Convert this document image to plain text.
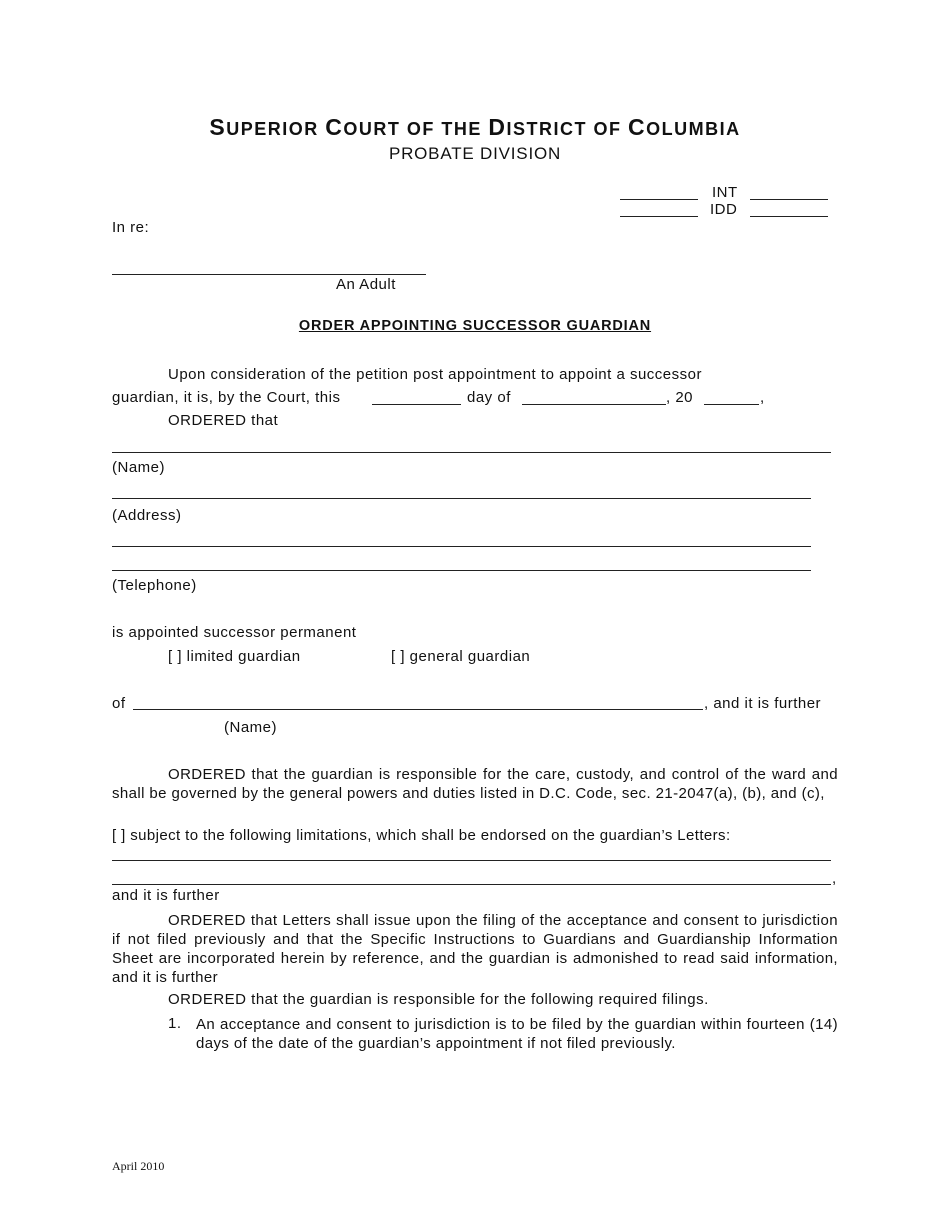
SUPERIOR COURT OF THE DISTRICT OF COLUMBIA
PROBATE DIVISION
INT
IDD
In re:
An Adult
ORDER APPOINTING SUCCESSOR GUARDIAN
Upon consideration of the petition post appointment to appoint a successor
guardian, it is, by the Court, this	day of	, 20	,
ORDERED that
(Name)
(Address)
(Telephone)
is appointed successor permanent
[ ] limited guardian	[ ] general guardian
of	, and it is further
(Name)
ORDERED that the guardian is responsible for the care, custody, and control of the ward and shall be governed by the general powers and duties listed in D.C. Code, sec. 21-2047(a), (b), and (c),
[ ] subject to the following limitations, which shall be endorsed on the guardian’s Letters:
,
and it is further
ORDERED that Letters shall issue upon the filing of the acceptance and consent to jurisdiction if not filed previously and that the Specific Instructions to Guardians and Guardianship Information Sheet are incorporated herein by reference, and the guardian is admonished to read said information, and it is further
ORDERED that the guardian is responsible for the following required filings.
1. An acceptance and consent to jurisdiction is to be filed by the guardian within fourteen (14) days of the date of the guardian’s appointment if not filed previously.
April 2010
